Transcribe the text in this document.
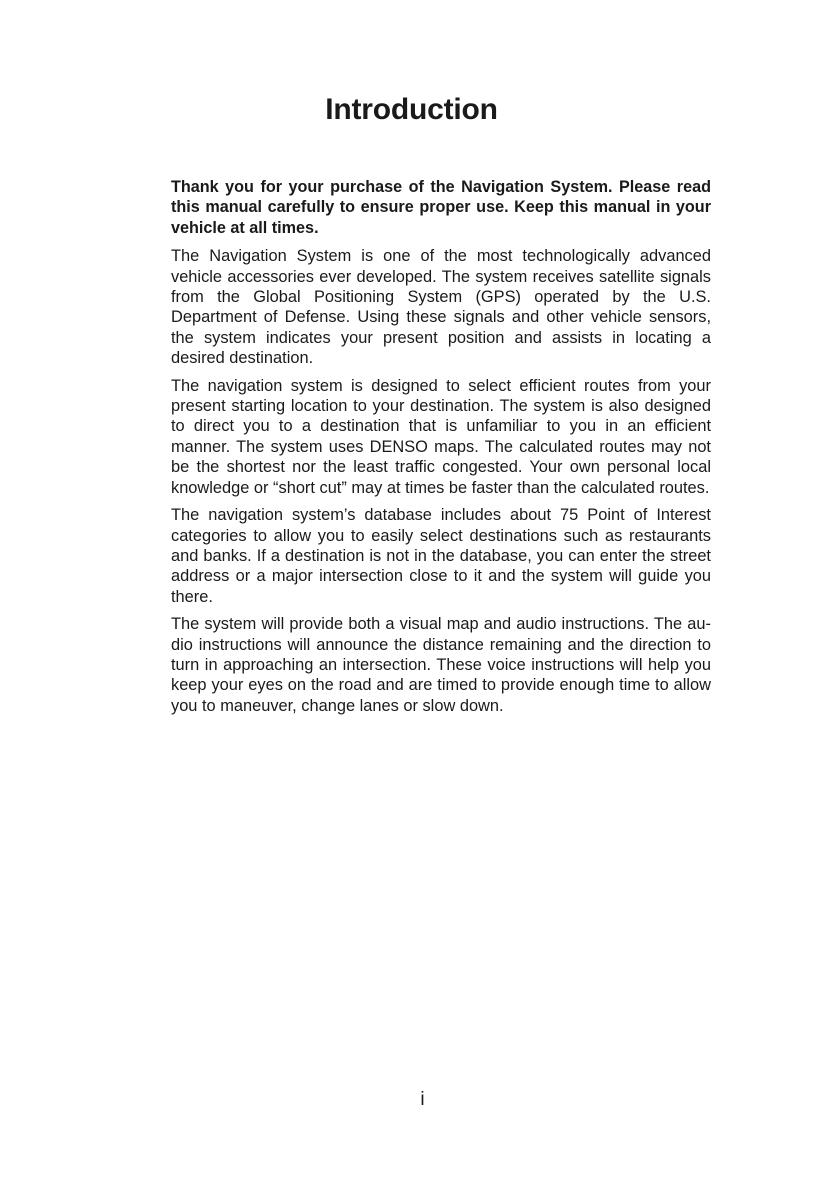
Introduction

Thank you for your purchase of the Navigation System. Please read this manual carefully to ensure proper use. Keep this manual in your vehicle at all times.

The Navigation System is one of the most technologically advanced vehicle accessories ever developed. The system receives satellite signals from the Global Positioning System (GPS) operated by the U.S. Department of Defense. Using these signals and other vehicle sensors, the system indicates your present position and assists in locating a desired destination.

The navigation system is designed to select efficient routes from your present starting location to your destination. The system is also designed to direct you to a destination that is unfamiliar to you in an efficient manner. The system uses DENSO maps. The calculated routes may not be the shortest nor the least traffic congested. Your own personal local knowledge or “short cut” may at times be faster than the calculated routes.

The navigation system’s database includes about 75 Point of Interest categories to allow you to easily select destinations such as restaurants and banks. If a destination is not in the database, you can enter the street address or a major intersection close to it and the system will guide you there.

The system will provide both a visual map and audio instructions. The audio instructions will announce the distance remaining and the direction to turn in approaching an intersection. These voice instructions will help you keep your eyes on the road and are timed to provide enough time to allow you to maneuver, change lanes or slow down.

i
